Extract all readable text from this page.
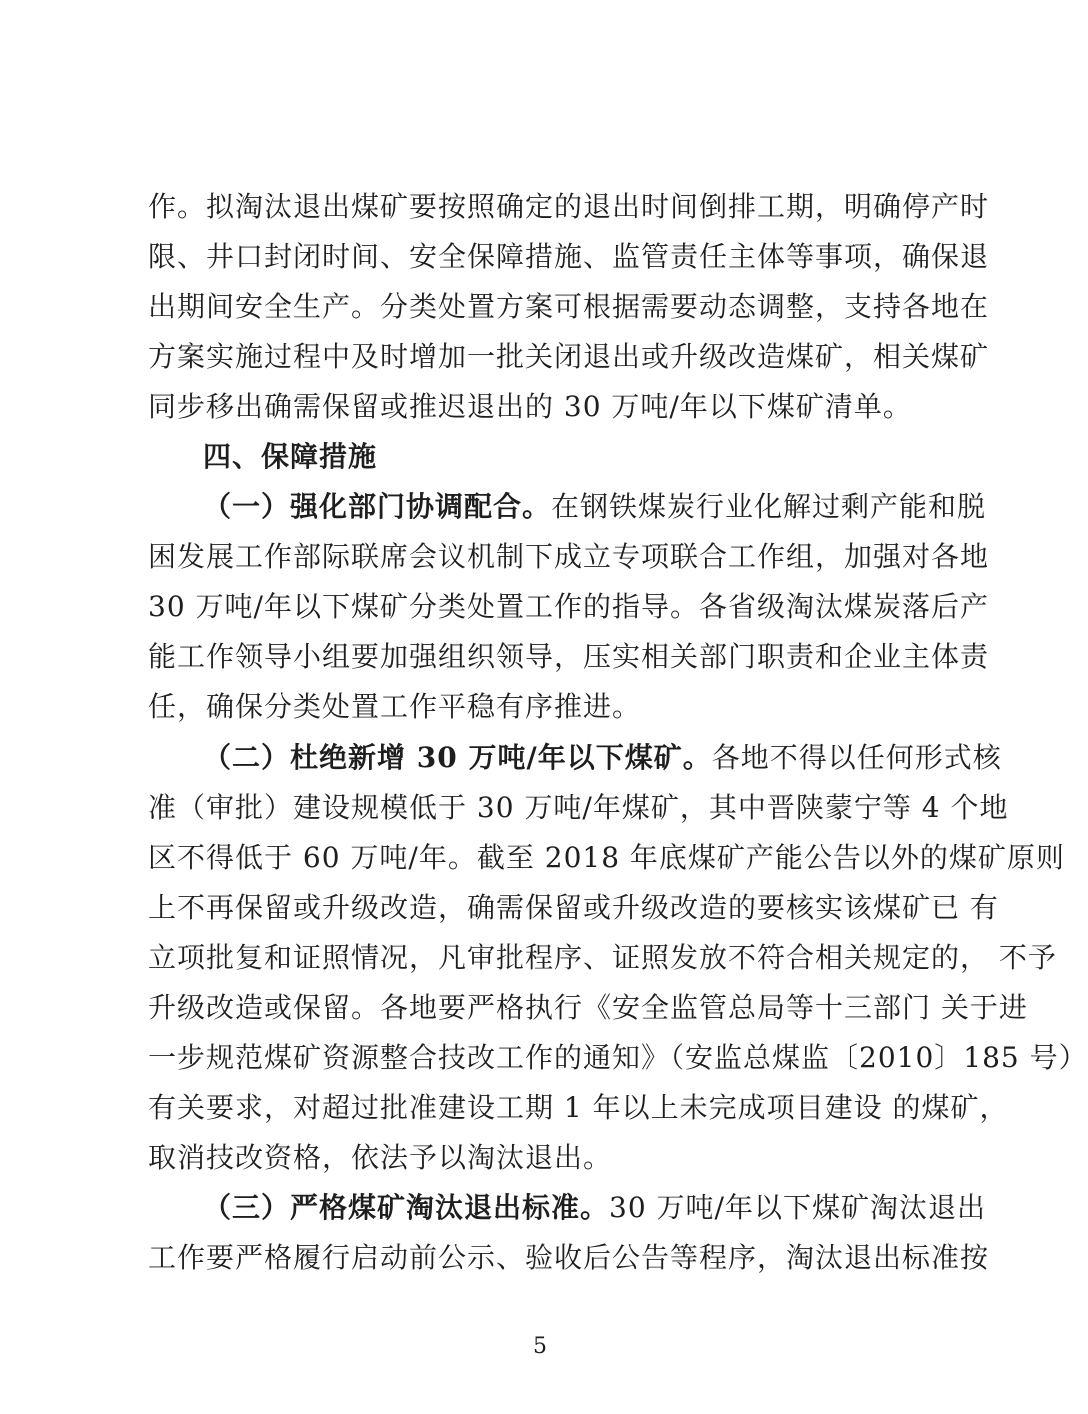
作。拟淘汰退出煤矿要按照确定的退出时间倒排工期，明确停产时
限、井口封闭时间、安全保障措施、监管责任主体等事项，确保退
出期间安全生产。分类处置方案可根据需要动态调整，支持各地在
方案实施过程中及时增加一批关闭退出或升级改造煤矿，相关煤矿
同步移出确需保留或推迟退出的 30 万吨/年以下煤矿清单。
四、保障措施
（一）强化部门协调配合。在钢铁煤炭行业化解过剩产能和脱
困发展工作部际联席会议机制下成立专项联合工作组，加强对各地
30 万吨/年以下煤矿分类处置工作的指导。各省级淘汰煤炭落后产
能工作领导小组要加强组织领导，压实相关部门职责和企业主体责
任，确保分类处置工作平稳有序推进。
（二）杜绝新增 30 万吨/年以下煤矿。各地不得以任何形式核
准（审批）建设规模低于 30 万吨/年煤矿，其中晋陕蒙宁等 4 个地
区不得低于 60 万吨/年。截至 2018 年底煤矿产能公告以外的煤矿原则
上不再保留或升级改造，确需保留或升级改造的要核实该煤矿已 有
立项批复和证照情况，凡审批程序、证照发放不符合相关规定的， 不予
升级改造或保留。各地要严格执行《安全监管总局等十三部门 关于进
一步规范煤矿资源整合技改工作的通知》（安监总煤监〔2010〕185 号）
有关要求，对超过批准建设工期 1 年以上未完成项目建设 的煤矿，
取消技改资格，依法予以淘汰退出。
（三）严格煤矿淘汰退出标准。30 万吨/年以下煤矿淘汰退出
工作要严格履行启动前公示、验收后公告等程序，淘汰退出标准按
5
